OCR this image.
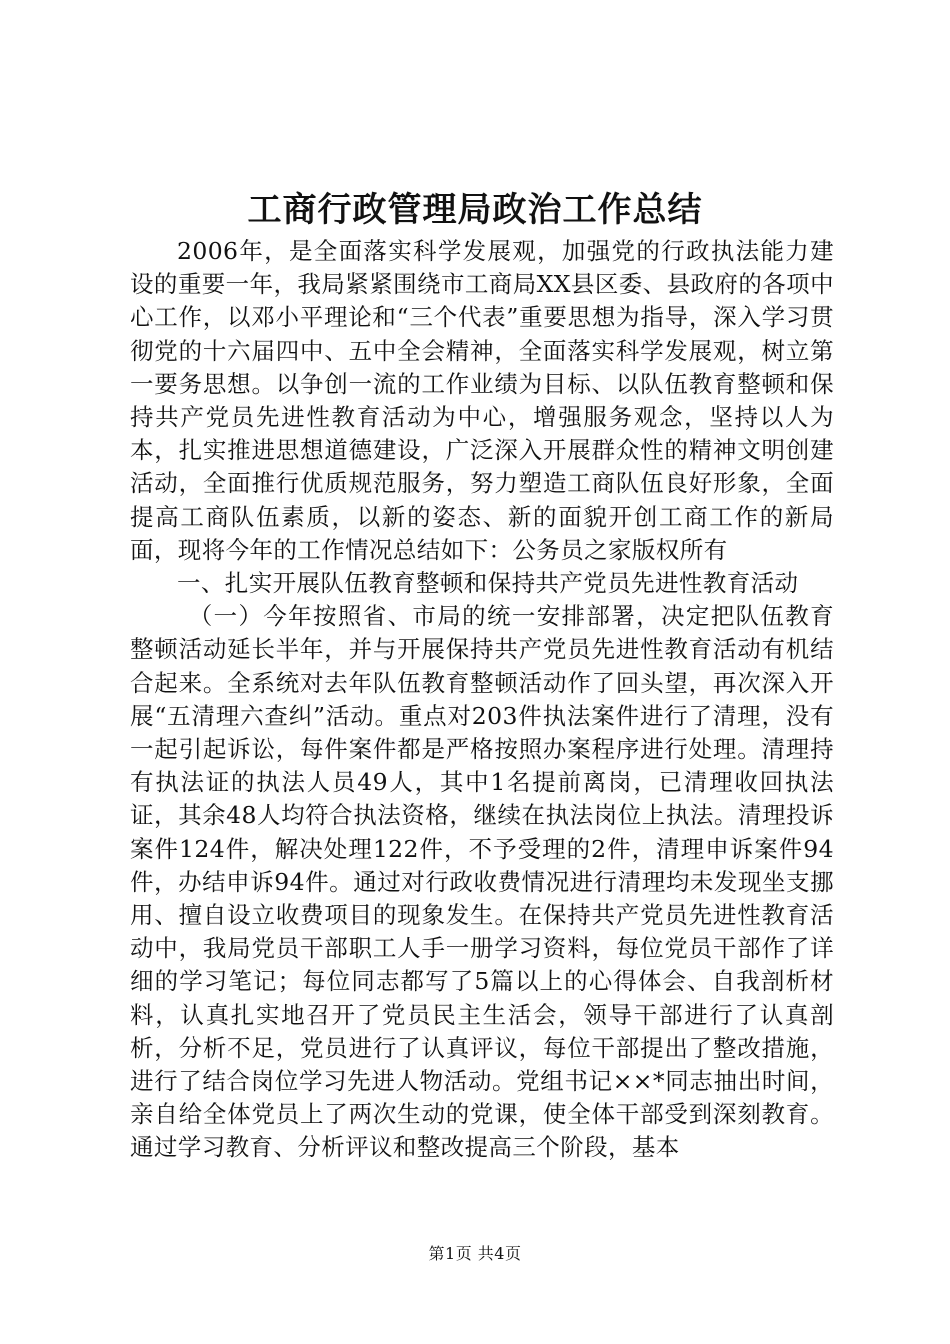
工商行政管理局政治工作总结

2006年，是全面落实科学发展观，加强党的行政执法能力建设的重要一年，我局紧紧围绕市工商局XX县区委、县政府的各项中心工作，以邓小平理论和“三个代表”重要思想为指导，深入学习贯彻党的十六届四中、五中全会精神，全面落实科学发展观，树立第一要务思想。以争创一流的工作业绩为目标、以队伍教育整顿和保持共产党员先进性教育活动为中心，增强服务观念，坚持以人为本，扎实推进思想道德建设，广泛深入开展群众性的精神文明创建活动，全面推行优质规范服务，努力塑造工商队伍良好形象，全面提高工商队伍素质，以新的姿态、新的面貌开创工商工作的新局面，现将今年的工作情况总结如下：公务员之家版权所有

一、扎实开展队伍教育整顿和保持共产党员先进性教育活动

（一）今年按照省、市局的统一安排部署，决定把队伍教育整顿活动延长半年，并与开展保持共产党员先进性教育活动有机结合起来。全系统对去年队伍教育整顿活动作了回头望，再次深入开展“五清理六查纠”活动。重点对203件执法案件进行了清理，没有一起引起诉讼，每件案件都是严格按照办案程序进行处理。清理持有执法证的执法人员49人，其中1名提前离岗，已清理收回执法证，其余48人均符合执法资格，继续在执法岗位上执法。清理投诉案件124件，解决处理122件，不予受理的2件，清理申诉案件94件，办结申诉94件。通过对行政收费情况进行清理均未发现坐支挪用、擅自设立收费项目的现象发生。在保持共产党员先进性教育活动中，我局党员干部职工人手一册学习资料，每位党员干部作了详细的学习笔记；每位同志都写了5篇以上的心得体会、自我剖析材料，认真扎实地召开了党员民主生活会，领导干部进行了认真剖析，分析不足，党员进行了认真评议，每位干部提出了整改措施，进行了结合岗位学习先进人物活动。党组书记××*同志抽出时间，亲自给全体党员上了两次生动的党课，使全体干部受到深刻教育。通过学习教育、分析评议和整改提高三个阶段，基本

第1页 共4页
